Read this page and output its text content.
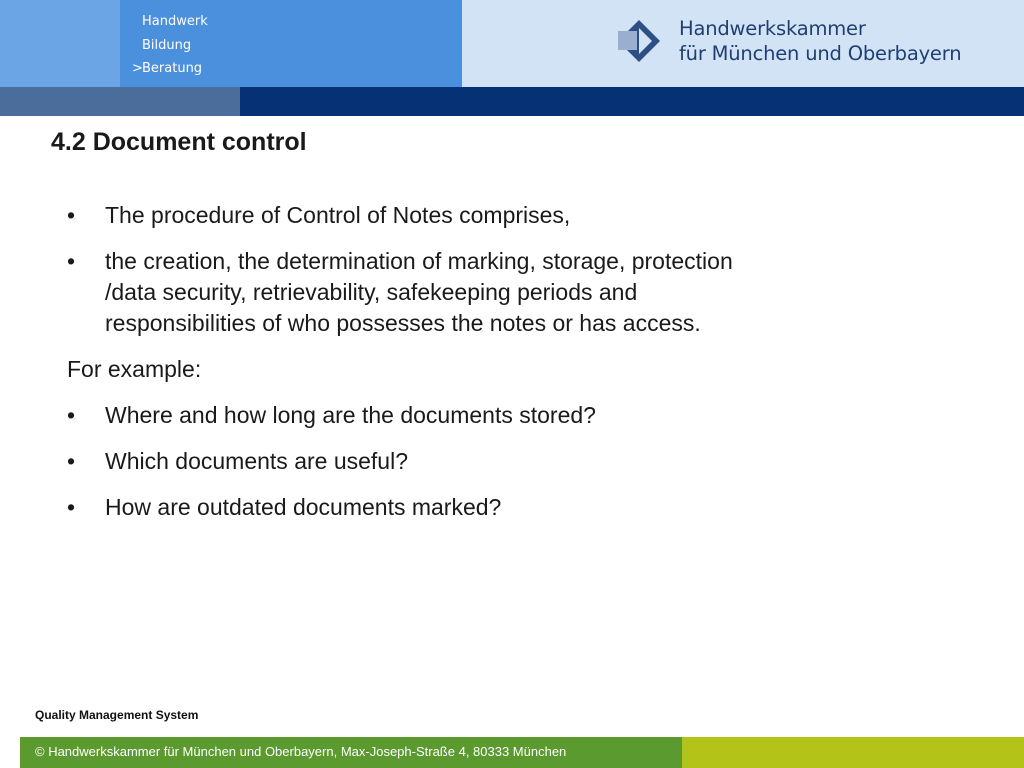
Handwerk
Bildung
> Beratung
Handwerkskammer
für München und Oberbayern
4.2 Document control
• The procedure of Control of Notes comprises,
• the creation, the determination of marking, storage, protection /data security, retrievability, safekeeping periods and responsibilities of who possesses the notes or has access.
For example:
• Where and how long are the documents stored?
• Which documents are useful?
• How are outdated documents marked?
Quality Management System
© Handwerkskammer für München und Oberbayern, Max-Joseph-Straße 4, 80333 München
